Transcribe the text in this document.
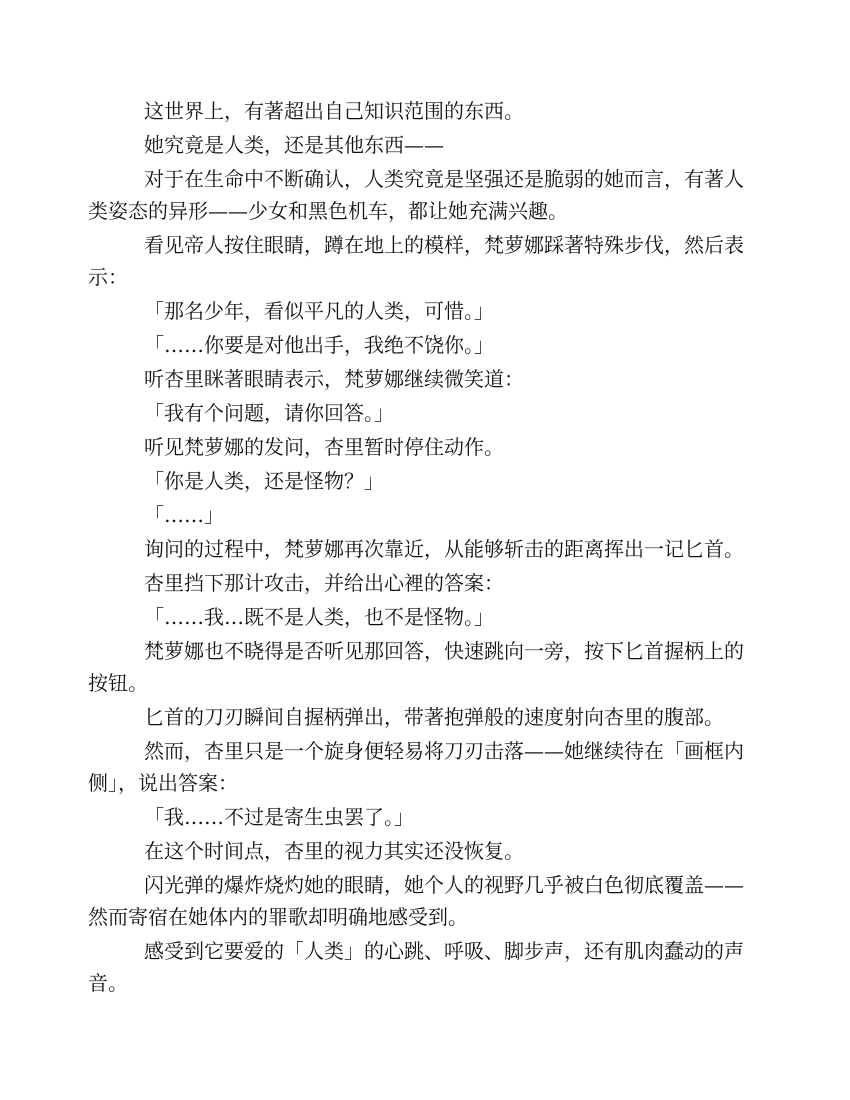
这世界上，有著超出自己知识范围的东西。

她究竟是人类，还是其他东西——

对于在生命中不断确认，人类究竟是坚强还是脆弱的她而言，有著人类姿态的异形——少女和黑色机车，都让她充满兴趣。

看见帝人按住眼睛，蹲在地上的模样，梵萝娜踩著特殊步伐，然后表示：

「那名少年，看似平凡的人类，可惜。」

「……你要是对他出手，我绝不饶你。」

听杏里眯著眼睛表示，梵萝娜继续微笑道：

「我有个问题，请你回答。」

听见梵萝娜的发问，杏里暂时停住动作。

「你是人类，还是怪物？」

「……」

询问的过程中，梵萝娜再次靠近，从能够斩击的距离挥出一记匕首。

杏里挡下那计攻击，并给出心裡的答案：

「……我…既不是人类，也不是怪物。」

梵萝娜也不晓得是否听见那回答，快速跳向一旁，按下匕首握柄上的按钮。

匕首的刀刃瞬间自握柄弹出，带著抱弹般的速度射向杏里的腹部。

然而，杏里只是一个旋身便轻易将刀刃击落——她继续待在「画框内侧」，说出答案：

「我……不过是寄生虫罢了。」

在这个时间点，杏里的视力其实还没恢复。

闪光弹的爆炸烧灼她的眼睛，她个人的视野几乎被白色彻底覆盖——然而寄宿在她体内的罪歌却明确地感受到。

感受到它要爱的「人类」的心跳、呼吸、脚步声，还有肌肉蠢动的声音。
